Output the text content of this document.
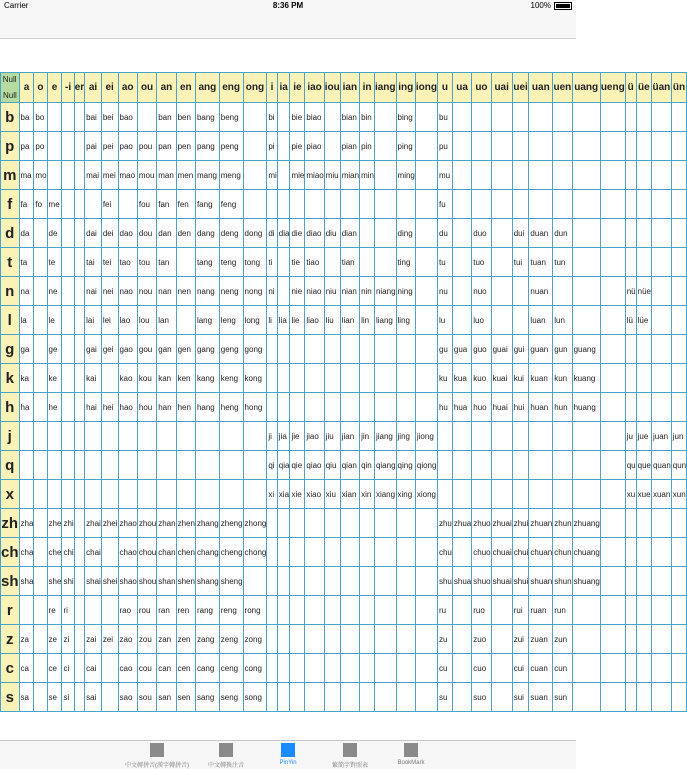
Carrier	8:36 PM	100%
Null
Null	a	o	e	-i	er	ai	ei	ao	ou	an	en	ang	eng	ong	i	ia	ie	iao	iou	ian	in	iang	ing	iong	u	ua	uo	uai	uei	uan	uen	uang	ueng	ü	üe	üan	ün
b	ba	bo				bai	bei	bao		ban	ben	bang	beng		bi		bie	biao		bian	bin		bing		bu												
p	pa	po				pai	pei	pao	pou	pan	pen	pang	peng		pi		pie	piao		pian	pin		ping		pu												
m	ma	mo				mai	mei	mao	mou	man	men	mang	meng		mi		mie	miao	miu	mian	min		ming		mu												
f	fa	fo	me				fei		fou	fan	fen	fang	feng												fu												
d	da		de			dai	dei	dao	dou	dan	den	dang	deng	dong	di	dia	die	diao	diu	dian			ding		du		duo		dui	duan	dun						
t	ta		te			tai	tei	tao	tou	tan		tang	teng	tong	ti		tie	tiao		tian			ting		tu		tuo		tui	tuan	tun						
n	na		ne			nai	nei	nao	nou	nan	nen	nang	neng	nong	ni		nie	niao	niu	nian	nin	niang	ning		nu		nuo			nuan				nü	nüe		
l	la		le			lai	lei	lao	lou	lan		lang	leng	long	li	lia	lie	liao	liu	lian	lin	liang	ling		lu		luo			luan	lun			lü	lüe		
g	ga		ge			gai	gei	gao	gou	gan	gen	gang	geng	gong											gu	gua	guo	guai	gui	guan	gun	guang					
k	ka		ke			kai		kao	kou	kan	ken	kang	keng	kong											ku	kua	kuo	kuai	kui	kuan	kun	kuang					
h	ha		he			hai	hei	hao	hou	han	hen	hang	heng	hong											hu	hua	huo	huai	hui	huan	hun	huang					
j															ji	jia	jie	jiao	jiu	jian	jin	jiang	jing	jiong										ju	jue	juan	jun
q															qi	qia	qie	qiao	qiu	qian	qin	qiang	qing	qiong										qu	que	quan	qun
x															xi	xia	xie	xiao	xiu	xian	xin	xiang	xing	xiong										xu	xue	xuan	xun
zh	zha		zhe	zhi		zhai	zhei	zhao	zhou	zhan	zhen	zhang	zheng	zhong											zhu	zhua	zhuo	zhuai	zhui	zhuan	zhun	zhuang					
ch	cha		che	chi		chai		chao	chou	chan	chen	chang	cheng	chong											chu		chuo	chuai	chui	chuan	chun	chuang					
sh	sha		she	shi		shai	shei	shao	shou	shan	shen	shang	sheng												shu	shua	shuo	shuai	shui	shuan	shun	shuang					
r			re	ri				rao	rou	ran	ren	rang	reng	rong											ru		ruo		rui	ruan	run						
z	za		ze	zi		zai	zei	zao	zou	zan	zen	zang	zeng	zong											zu		zuo		zui	zuan	zun						
c	ca		ce	ci		cai		cao	cou	can	cen	cang	ceng	cong											cu		cuo		cui	cuan	cun						
s	sa		se	si		sai		sao	sou	san	sen	sang	seng	song											su		suo		sui	suan	sun						
中文轉拼音(漢字轉拼音)	中文轉換注音	PinYin	繁簡字對照表	BookMark
